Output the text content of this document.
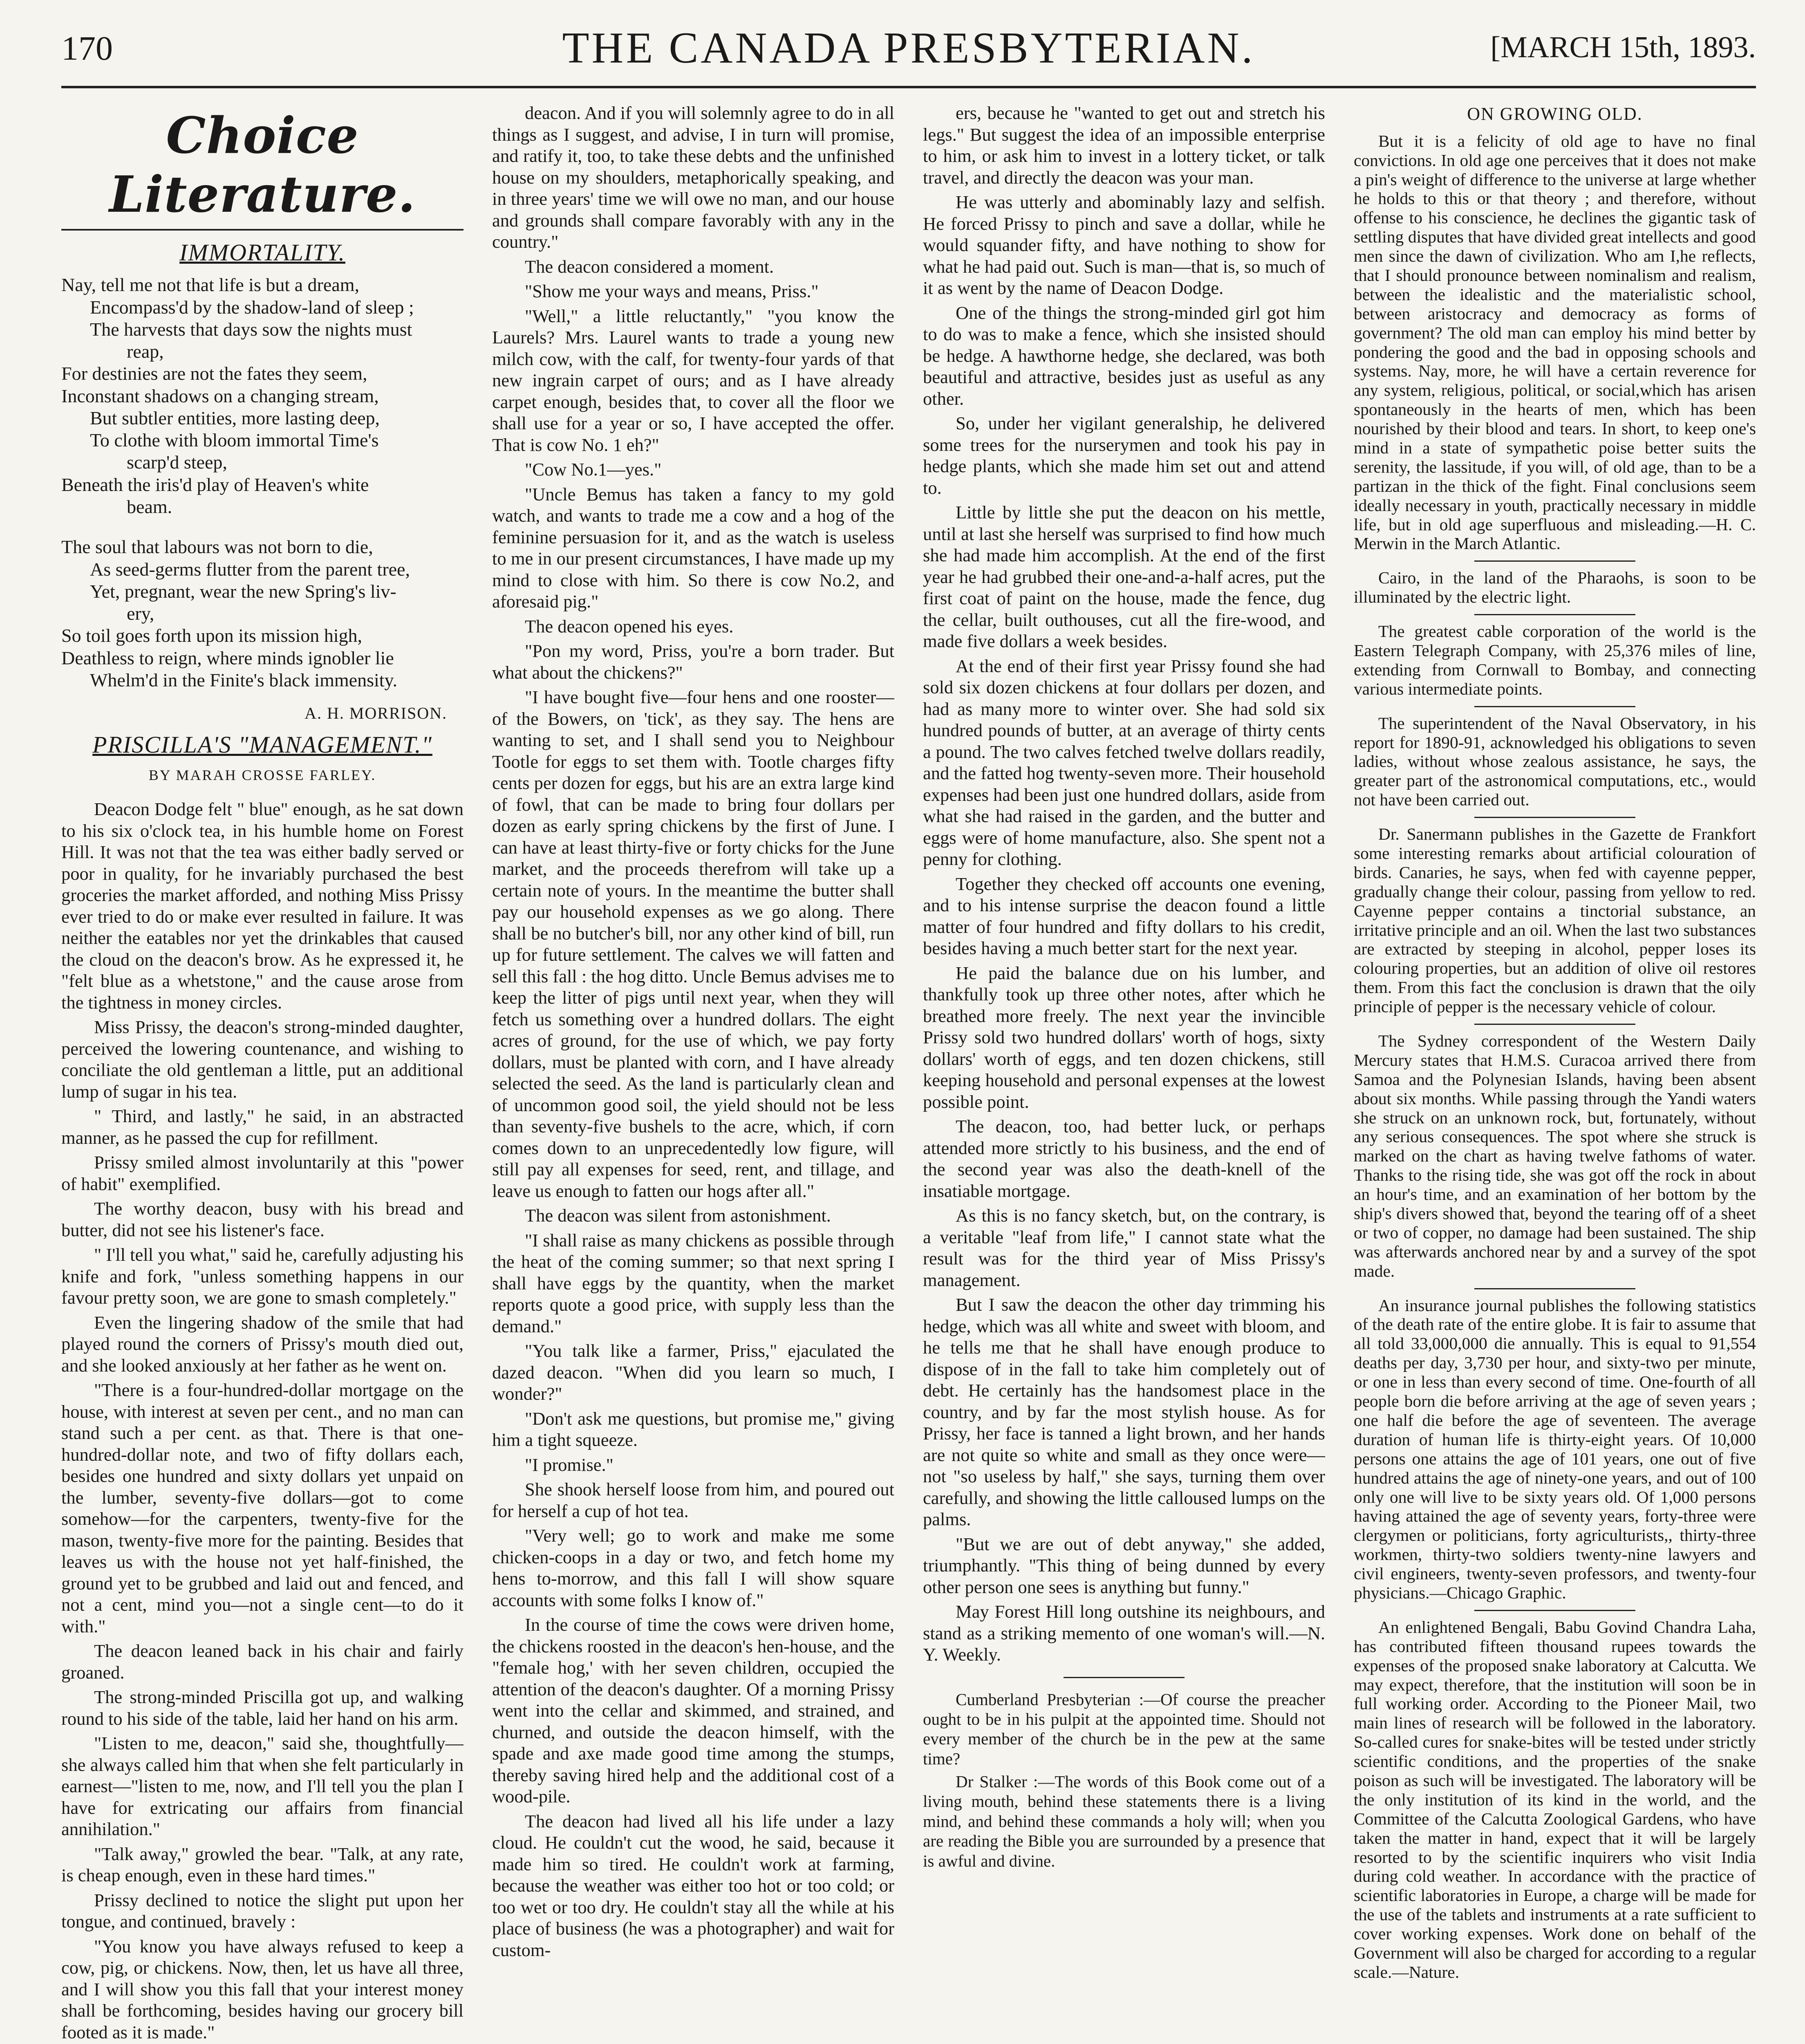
170	THE CANADA PRESBYTERIAN.	[MARCH 15th, 1893.
Choice Literature.
IMMORTALITY.
Nay, tell me not that life is but a dream,
Encompass'd by the shadow-land of sleep ;
The harvests that days sow the nights must
reap,
For destinies are not the fates they seem,
Inconstant shadows on a changing stream,
But subtler entities, more lasting deep,
To clothe with bloom immortal Time's
scarp'd steep,
Beneath the iris'd play of Heaven's white
beam.
The soul that labours was not born to die,
As seed-germs flutter from the parent tree,
Yet, pregnant, wear the new Spring's liv-
ery,
So toil goes forth upon its mission high,
Deathless to reign, where minds ignobler lie
Whelm'd in the Finite's black immensity.
A. H. MORRISON.
PRISCILLA'S "MANAGEMENT."
BY MARAH CROSSE FARLEY.

Deacon Dodge felt " blue" enough, as he sat down to his six o'clock tea, in his humble home on Forest Hill. It was not that the tea was either badly served or poor in quality, for he invariably purchased the best groceries the market afforded, and nothing Miss Prissy ever tried to do or make ever resulted in failure. It was neither the eatables nor yet the drinkables that caused the cloud on the deacon's brow. As he expressed it, he "felt blue as a whetstone," and the cause arose from the tightness in money circles.

Miss Prissy, the deacon's strong-minded daughter, perceived the lowering countenance, and wishing to conciliate the old gentleman a little, put an additional lump of sugar in his tea.

" Third, and lastly," he said, in an abstracted manner, as he passed the cup for refillment.

Prissy smiled almost involuntarily at this "power of habit" exemplified.

The worthy deacon, busy with his bread and butter, did not see his listener's face.

" I'll tell you what," said he, carefully adjusting his knife and fork, "unless something happens in our favour pretty soon, we are gone to smash completely."

Even the lingering shadow of the smile that had played round the corners of Prissy's mouth died out, and she looked anxiously at her father as he went on.

"There is a four-hundred-dollar mortgage on the house, with interest at seven per cent., and no man can stand such a per cent. as that. There is that one-hundred-dollar note, and two of fifty dollars each, besides one hundred and sixty dollars yet unpaid on the lumber, seventy-five dollars—got to come somehow—for the carpenters, twenty-five for the mason, twenty-five more for the painting. Besides that leaves us with the house not yet half-finished, the ground yet to be grubbed and laid out and fenced, and not a cent, mind you—not a single cent—to do it with."

The deacon leaned back in his chair and fairly groaned.

The strong-minded Priscilla got up, and walking round to his side of the table, laid her hand on his arm.

"Listen to me, deacon," said she, thoughtfully—she always called him that when she felt particularly in earnest—"listen to me, now, and I'll tell you the plan I have for extricating our affairs from financial annihilation."

"Talk away," growled the bear. "Talk, at any rate, is cheap enough, even in these hard times."

Prissy declined to notice the slight put upon her tongue, and continued, bravely :

"You know you have always refused to keep a cow, pig, or chickens. Now, then, let us have all three, and I will show you this fall that your interest money shall be forthcoming, besides having our grocery bill footed as it is made."

deacon. And if you will solemnly agree to do in all things as I suggest, and advise, I in turn will promise, and ratify it, too, to take these debts and the unfinished house on my shoulders, metaphorically speaking, and in three years' time we will owe no man, and our house and grounds shall compare favorably with any in the country."

The deacon considered a moment.

"Show me your ways and means, Priss."

"Well," a little reluctantly," "you know the Laurels? Mrs. Laurel wants to trade a young new milch cow, with the calf, for twenty-four yards of that new ingrain carpet of ours; and as I have already carpet enough, besides that, to cover all the floor we shall use for a year or so, I have accepted the offer. That is cow No. 1 eh?"

"Cow No.1—yes."

"Uncle Bemus has taken a fancy to my gold watch, and wants to trade me a cow and a hog of the feminine persuasion for it, and as the watch is useless to me in our present circumstances, I have made up my mind to close with him. So there is cow No.2, and aforesaid pig."

The deacon opened his eyes.

"Pon my word, Priss, you're a born trader. But what about the chickens?"

"I have bought five—four hens and one rooster—of the Bowers, on 'tick', as they say. The hens are wanting to set, and I shall send you to Neighbour Tootle for eggs to set them with. Tootle charges fifty cents per dozen for eggs, but his are an extra large kind of fowl, that can be made to bring four dollars per dozen as early spring chickens by the first of June. I can have at least thirty-five or forty chicks for the June market, and the proceeds therefrom will take up a certain note of yours. In the meantime the butter shall pay our household expenses as we go along. There shall be no butcher's bill, nor any other kind of bill, run up for future settlement. The calves we will fatten and sell this fall : the hog ditto. Uncle Bemus advises me to keep the litter of pigs until next year, when they will fetch us something over a hundred dollars. The eight acres of ground, for the use of which, we pay forty dollars, must be planted with corn, and I have already selected the seed. As the land is particularly clean and of uncommon good soil, the yield should not be less than seventy-five bushels to the acre, which, if corn comes down to an unprecedentedly low figure, will still pay all expenses for seed, rent, and tillage, and leave us enough to fatten our hogs after all."

The deacon was silent from astonishment.

"I shall raise as many chickens as possible through the heat of the coming summer; so that next spring I shall have eggs by the quantity, when the market reports quote a good price, with supply less than the demand."

"You talk like a farmer, Priss," ejaculated the dazed deacon. "When did you learn so much, I wonder?"

"Don't ask me questions, but promise me," giving him a tight squeeze.

"I promise."

She shook herself loose from him, and poured out for herself a cup of hot tea.

"Very well; go to work and make me some chicken-coops in a day or two, and fetch home my hens to-morrow, and this fall I will show square accounts with some folks I know of."

In the course of time the cows were driven home, the chickens roosted in the deacon's hen-house, and the "female hog,' with her seven children, occupied the attention of the deacon's daughter. Of a morning Prissy went into the cellar and skimmed, and strained, and churned, and outside the deacon himself, with the spade and axe made good time among the stumps, thereby saving hired help and the additional cost of a wood-pile.

The deacon had lived all his life under a lazy cloud. He couldn't cut the wood, he said, because it made him so tired. He couldn't work at farming, because the weather was either too hot or too cold; or too wet or too dry. He couldn't stay all the while at his place of business (he was a photographer) and wait for custom-

ers, because he "wanted to get out and stretch his legs." But suggest the idea of an impossible enterprise to him, or ask him to invest in a lottery ticket, or talk travel, and directly the deacon was your man.

He was utterly and abominably lazy and selfish. He forced Prissy to pinch and save a dollar, while he would squander fifty, and have nothing to show for what he had paid out. Such is man—that is, so much of it as went by the name of Deacon Dodge.

One of the things the strong-minded girl got him to do was to make a fence, which she insisted should be hedge. A hawthorne hedge, she declared, was both beautiful and attractive, besides just as useful as any other.

So, under her vigilant generalship, he delivered some trees for the nurserymen and took his pay in hedge plants, which she made him set out and attend to.

Little by little she put the deacon on his mettle, until at last she herself was surprised to find how much she had made him accomplish. At the end of the first year he had grubbed their one-and-a-half acres, put the first coat of paint on the house, made the fence, dug the cellar, built outhouses, cut all the fire-wood, and made five dollars a week besides.

At the end of their first year Prissy found she had sold six dozen chickens at four dollars per dozen, and had as many more to winter over. She had sold six hundred pounds of butter, at an average of thirty cents a pound. The two calves fetched twelve dollars readily, and the fatted hog twenty-seven more. Their household expenses had been just one hundred dollars, aside from what she had raised in the garden, and the butter and eggs were of home manufacture, also. She spent not a penny for clothing.

Together they checked off accounts one evening, and to his intense surprise the deacon found a little matter of four hundred and fifty dollars to his credit, besides having a much better start for the next year.

He paid the balance due on his lumber, and thankfully took up three other notes, after which he breathed more freely. The next year the invincible Prissy sold two hundred dollars' worth of hogs, sixty dollars' worth of eggs, and ten dozen chickens, still keeping household and personal expenses at the lowest possible point.

The deacon, too, had better luck, or perhaps attended more strictly to his business, and the end of the second year was also the death-knell of the insatiable mortgage.

As this is no fancy sketch, but, on the contrary, is a veritable "leaf from life," I cannot state what the result was for the third year of Miss Prissy's management.

But I saw the deacon the other day trimming his hedge, which was all white and sweet with bloom, and he tells me that he shall have enough produce to dispose of in the fall to take him completely out of debt. He certainly has the handsomest place in the country, and by far the most stylish house. As for Prissy, her face is tanned a light brown, and her hands are not quite so white and small as they once were—not "so useless by half," she says, turning them over carefully, and showing the little calloused lumps on the palms.

"But we are out of debt anyway," she added, triumphantly. "This thing of being dunned by every other person one sees is anything but funny."

May Forest Hill long outshine its neighbours, and stand as a striking memento of one woman's will.—N. Y. Weekly.

Cumberland Presbyterian :—Of course the preacher ought to be in his pulpit at the appointed time. Should not every member of the church be in the pew at the same time?

Dr Stalker :—The words of this Book come out of a living mouth, behind these statements there is a living mind, and behind these commands a holy will; when you are reading the Bible you are surrounded by a presence that is awful and divine.

ON GROWING OLD.

But it is a felicity of old age to have no final convictions. In old age one perceives that it does not make a pin's weight of difference to the universe at large whether he holds to this or that theory ; and therefore, without offense to his conscience, he declines the gigantic task of settling disputes that have divided great intellects and good men since the dawn of civilization. Who am I,he reflects, that I should pronounce between nominalism and realism, between the idealistic and the materialistic school, between aristocracy and democracy as forms of government? The old man can employ his mind better by pondering the good and the bad in opposing schools and systems. Nay, more, he will have a certain reverence for any system, religious, political, or social,which has arisen spontaneously in the hearts of men, which has been nourished by their blood and tears. In short, to keep one's mind in a state of sympathetic poise better suits the serenity, the lassitude, if you will, of old age, than to be a partizan in the thick of the fight. Final conclusions seem ideally necessary in youth, practically necessary in middle life, but in old age superfluous and misleading.—H. C. Merwin in the March Atlantic.

Cairo, in the land of the Pharaohs, is soon to be illuminated by the electric light.

The greatest cable corporation of the world is the Eastern Telegraph Company, with 25,376 miles of line, extending from Cornwall to Bombay, and connecting various intermediate points.

The superintendent of the Naval Observatory, in his report for 1890-91, acknowledged his obligations to seven ladies, without whose zealous assistance, he says, the greater part of the astronomical computations, etc., would not have been carried out.

Dr. Sanermann publishes in the Gazette de Frankfort some interesting remarks about artificial colouration of birds. Canaries, he says, when fed with cayenne pepper, gradually change their colour, passing from yellow to red. Cayenne pepper contains a tinctorial substance, an irritative principle and an oil. When the last two substances are extracted by steeping in alcohol, pepper loses its colouring properties, but an addition of olive oil restores them. From this fact the conclusion is drawn that the oily principle of pepper is the necessary vehicle of colour.

The Sydney correspondent of the Western Daily Mercury states that H.M.S. Curacoa arrived there from Samoa and the Polynesian Islands, having been absent about six months. While passing through the Yandi waters she struck on an unknown rock, but, fortunately, without any serious consequences. The spot where she struck is marked on the chart as having twelve fathoms of water. Thanks to the rising tide, she was got off the rock in about an hour's time, and an examination of her bottom by the ship's divers showed that, beyond the tearing off of a sheet or two of copper, no damage had been sustained. The ship was afterwards anchored near by and a survey of the spot made.

An insurance journal publishes the following statistics of the death rate of the entire globe. It is fair to assume that all told 33,000,000 die annually. This is equal to 91,554 deaths per day, 3,730 per hour, and sixty-two per minute, or one in less than every second of time. One-fourth of all people born die before arriving at the age of seven years ; one half die before the age of seventeen. The average duration of human life is thirty-eight years. Of 10,000 persons one attains the age of 101 years, one out of five hundred attains the age of ninety-one years, and out of 100 only one will live to be sixty years old. Of 1,000 persons having attained the age of seventy years, forty-three were clergymen or politicians, forty agriculturists,, thirty-three workmen, thirty-two soldiers twenty-nine lawyers and civil engineers, twenty-seven professors, and twenty-four physicians.—Chicago Graphic.

An enlightened Bengali, Babu Govind Chandra Laha, has contributed fifteen thousand rupees towards the expenses of the proposed snake laboratory at Calcutta. We may expect, therefore, that the institution will soon be in full working order. According to the Pioneer Mail, two main lines of research will be followed in the laboratory. So-called cures for snake-bites will be tested under strictly scientific conditions, and the properties of the snake poison as such will be investigated. The laboratory will be the only institution of its kind in the world, and the Committee of the Calcutta Zoological Gardens, who have taken the matter in hand, expect that it will be largely resorted to by the scientific inquirers who visit India during cold weather. In accordance with the practice of scientific laboratories in Europe, a charge will be made for the use of the tablets and instruments at a rate sufficient to cover working expenses. Work done on behalf of the Government will also be charged for according to a regular scale.—Nature.
